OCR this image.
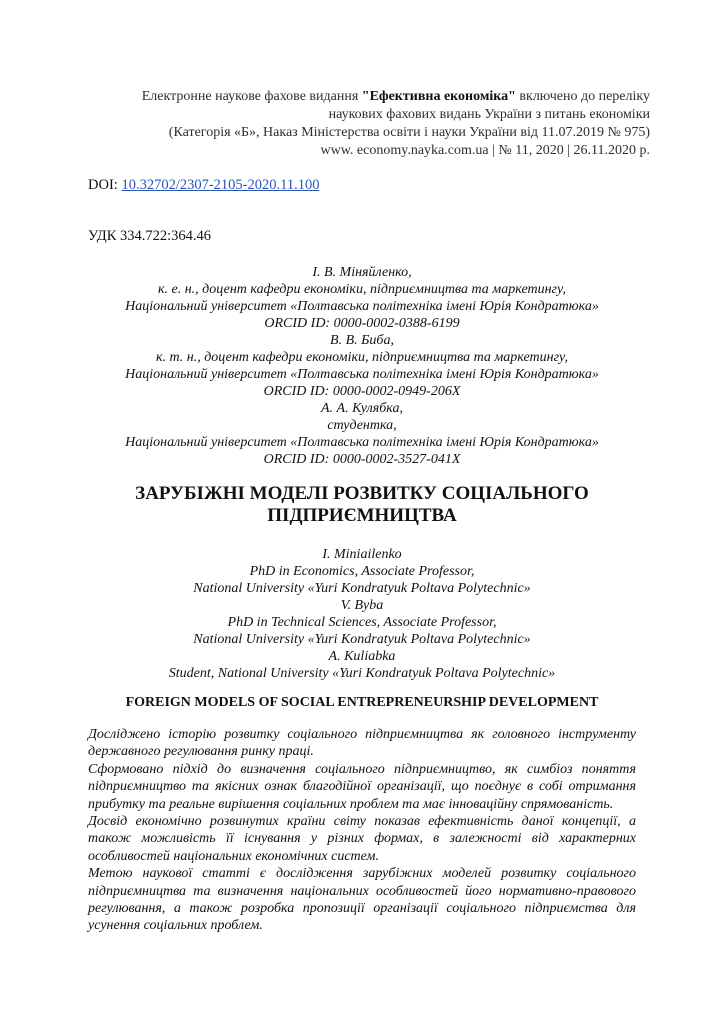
Електронне наукове фахове видання "Ефективна економіка" включено до переліку
наукових фахових видань України з питань економіки
(Категорія «Б», Наказ Міністерства освіти і науки України від 11.07.2019 № 975)
www. economy.nayka.com.ua | № 11, 2020 | 26.11.2020 р.
DOI: 10.32702/2307-2105-2020.11.100
УДК 334.722:364.46
І. В. Міняйленко,
к. е. н., доцент кафедри економіки, підприємництва та маркетингу,
Національний університет «Полтавська політехніка імені Юрія Кондратюка»
ORCID ID: 0000-0002-0388-6199
В. В. Биба,
к. т. н., доцент кафедри економіки, підприємництва та маркетингу,
Національний університет «Полтавська політехніка імені Юрія Кондратюка»
ORCID ID: 0000-0002-0949-206X
А. А. Кулябка,
студентка,
Національний університет «Полтавська політехніка імені Юрія Кондратюка»
ORCID ID: 0000-0002-3527-041X
ЗАРУБІЖНІ МОДЕЛІ РОЗВИТКУ СОЦІАЛЬНОГО
ПІДПРИЄМНИЦТВА
I. Miniailenko
PhD in Economics, Associate Professor,
National University «Yuri Kondratyuk Poltava Polytechnic»
V. Byba
PhD in Technical Sciences, Associate Professor,
National University «Yuri Kondratyuk Poltava Polytechnic»
A. Kuliabka
Student, National University «Yuri Kondratyuk Poltava Polytechnic»
FOREIGN MODELS OF SOCIAL ENTREPRENEURSHIP DEVELOPMENT
Досліджено історію розвитку соціального підприємництва як головного інструменту
державного регулювання ринку праці.
Сформовано підхід до визначення соціального підприємництво, як симбіоз поняття
підприємництво та якісних ознак благодійної організації, що поєднує в собі отримання
прибутку та реальне вирішення соціальних проблем та має інноваційну спрямованість.
Досвід економічно розвинутих країни світу показав ефективність даної концепції, а
також можливість її існування у різних формах, в залежності від характерних
особливостей національних економічних систем.
Метою наукової статті є дослідження зарубіжних моделей розвитку соціального
підприємництва та визначення національних особливостей його нормативно-правового
регулювання, а також розробка пропозиції організації соціального підприємства для
усунення соціальних проблем.
